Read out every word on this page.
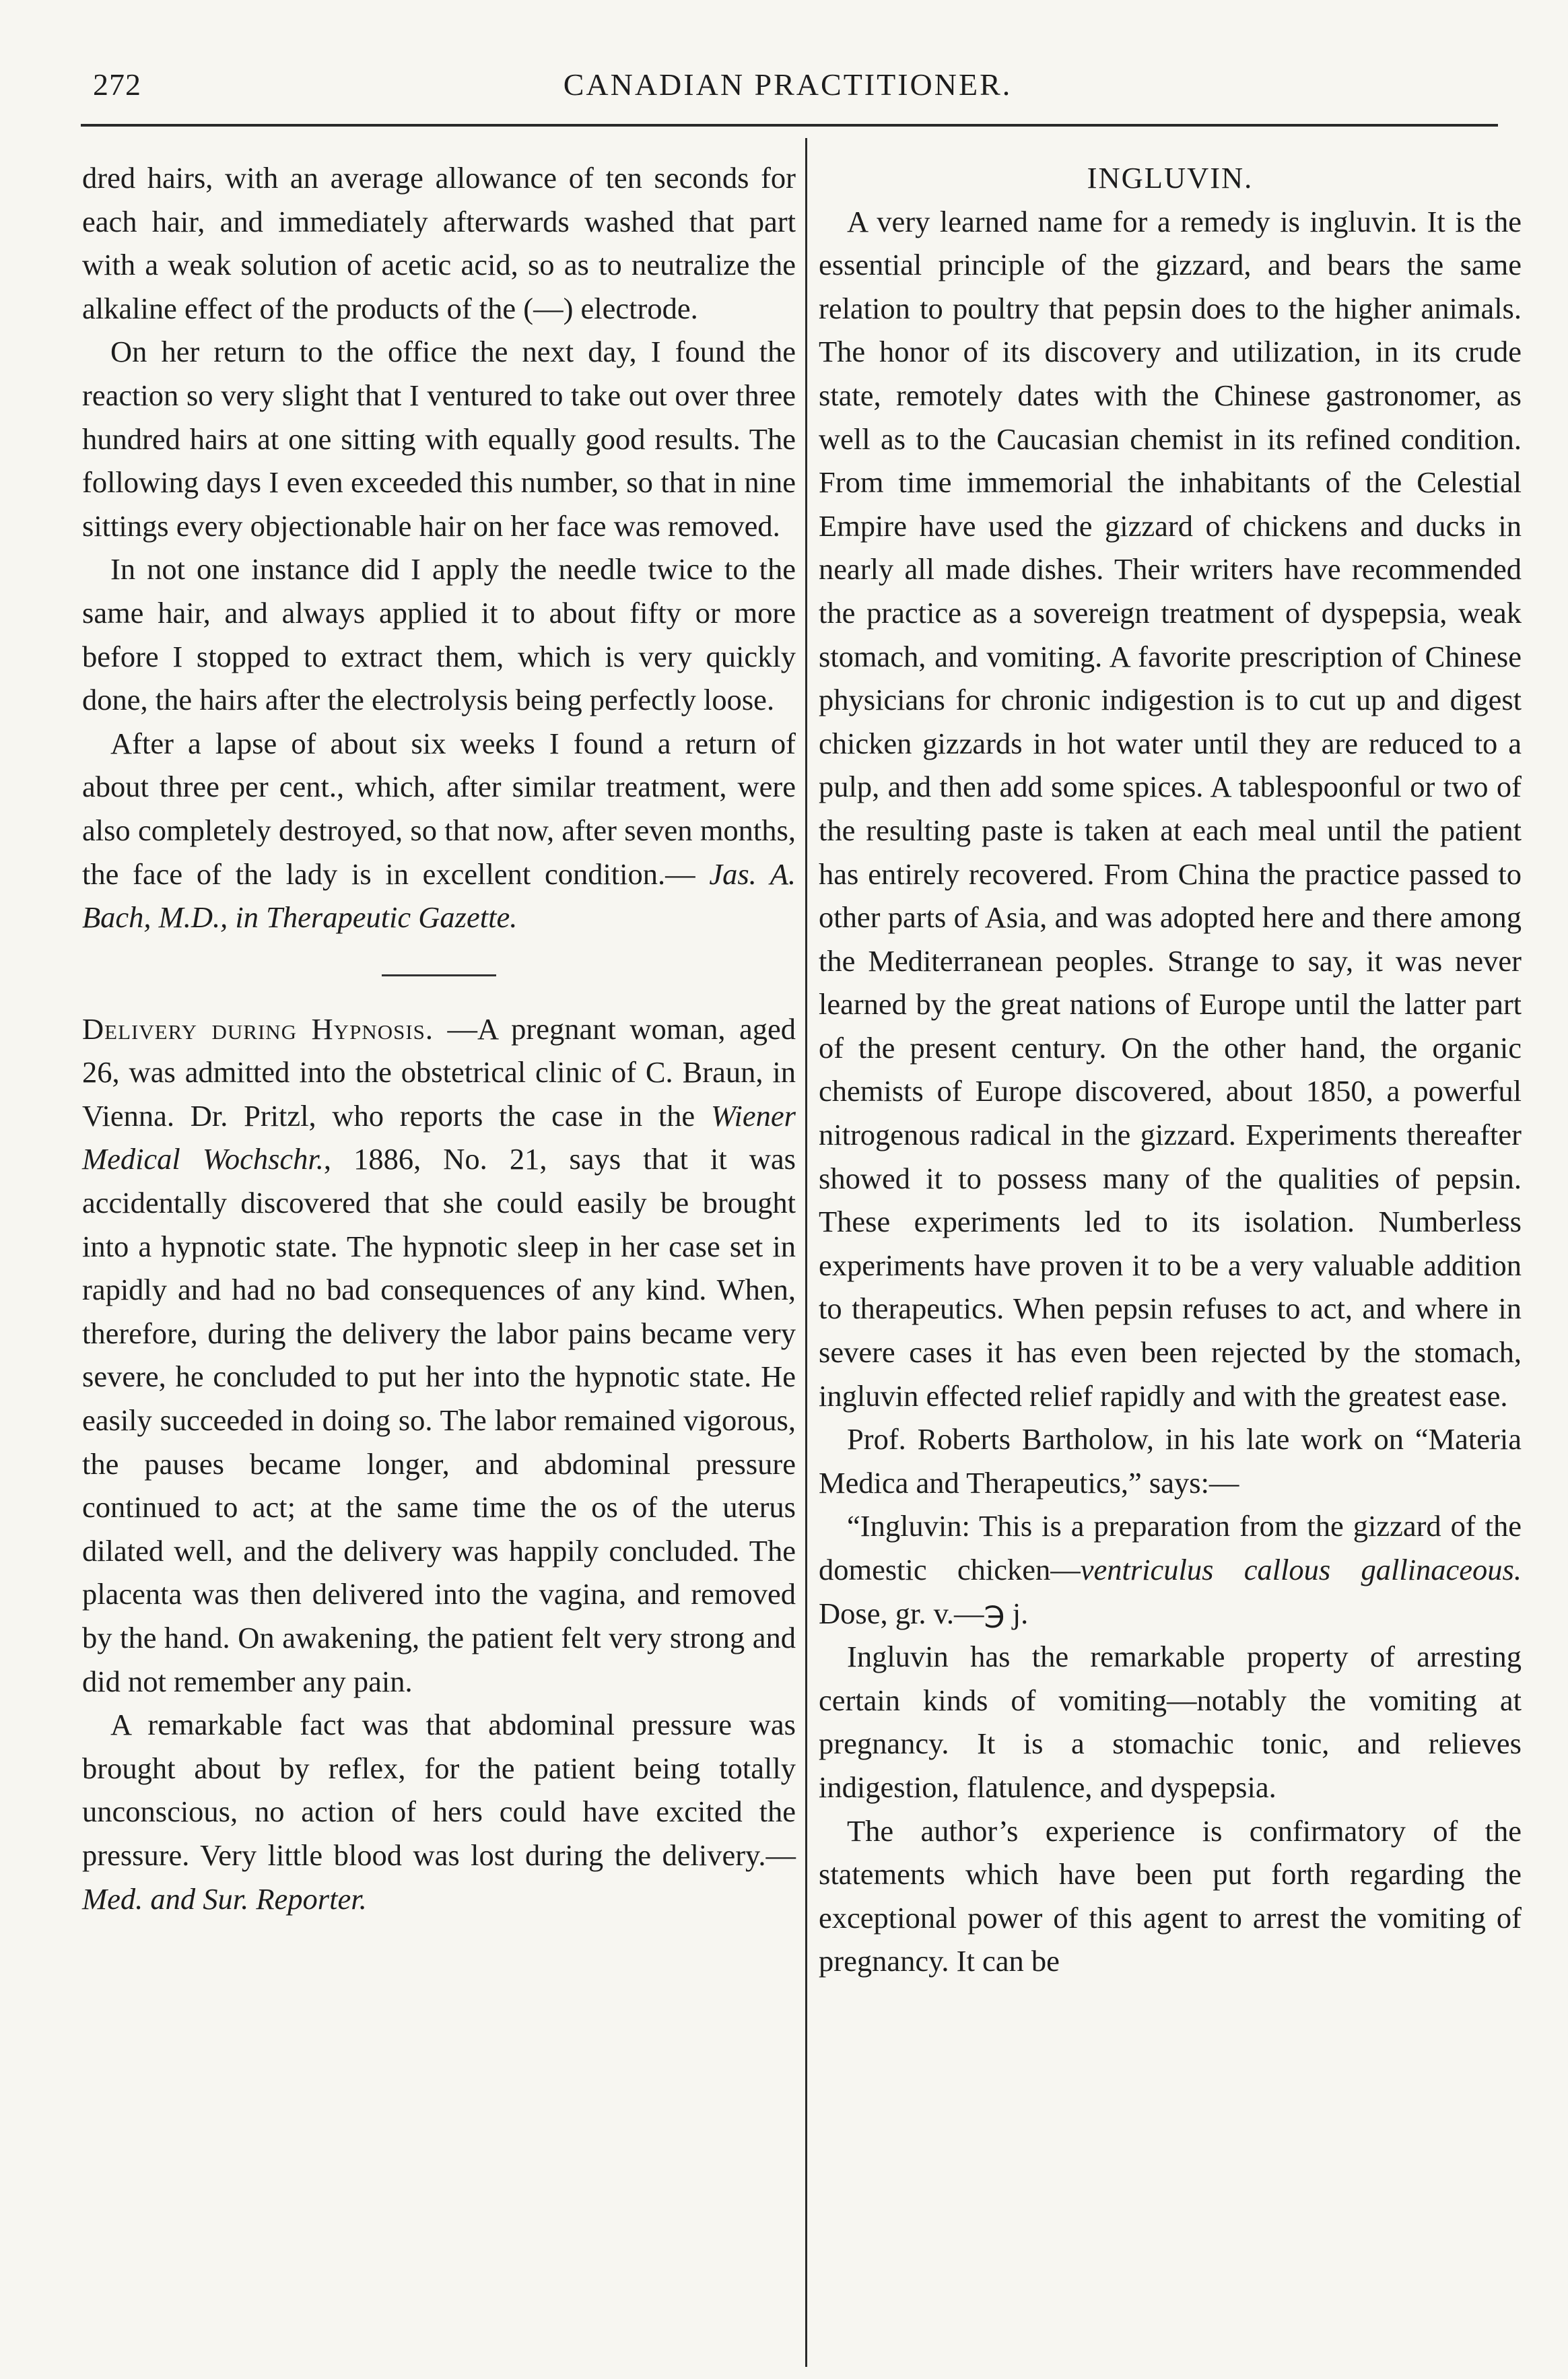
272	CANADIAN PRACTITIONER.

dred hairs, with an average allowance of ten seconds for each hair, and immediately afterwards washed that part with a weak solution of acetic acid, so as to neutralize the alkaline effect of the products of the (—) electrode.

On her return to the office the next day, I found the reaction so very slight that I ventured to take out over three hundred hairs at one sitting with equally good results. The following days I even exceeded this number, so that in nine sittings every objectionable hair on her face was removed.

In not one instance did I apply the needle twice to the same hair, and always applied it to about fifty or more before I stopped to extract them, which is very quickly done, the hairs after the electrolysis being perfectly loose.

After a lapse of about six weeks I found a return of about three per cent., which, after similar treatment, were also completely destroyed, so that now, after seven months, the face of the lady is in excellent condition.— Jas. A. Bach, M.D., in Therapeutic Gazette.

Delivery during Hypnosis. —A pregnant woman, aged 26, was admitted into the obstetrical clinic of C. Braun, in Vienna. Dr. Pritzl, who reports the case in the Wiener Medical Wochschr., 1886, No. 21, says that it was accidentally discovered that she could easily be brought into a hypnotic state. The hypnotic sleep in her case set in rapidly and had no bad consequences of any kind. When, therefore, during the delivery the labor pains became very severe, he concluded to put her into the hypnotic state. He easily succeeded in doing so. The labor remained vigorous, the pauses became longer, and abdominal pressure continued to act; at the same time the os of the uterus dilated well, and the delivery was happily concluded. The placenta was then delivered into the vagina, and removed by the hand. On awakening, the patient felt very strong and did not remember any pain.

A remarkable fact was that abdominal pressure was brought about by reflex, for the patient being totally unconscious, no action of hers could have excited the pressure. Very little blood was lost during the delivery.— Med. and Sur. Reporter.

INGLUVIN.

A very learned name for a remedy is ingluvin. It is the essential principle of the gizzard, and bears the same relation to poultry that pepsin does to the higher animals. The honor of its discovery and utilization, in its crude state, remotely dates with the Chinese gastronomer, as well as to the Caucasian chemist in its refined condition. From time immemorial the inhabitants of the Celestial Empire have used the gizzard of chickens and ducks in nearly all made dishes. Their writers have recommended the practice as a sovereign treatment of dyspepsia, weak stomach, and vomiting. A favorite prescription of Chinese physicians for chronic indigestion is to cut up and digest chicken gizzards in hot water until they are reduced to a pulp, and then add some spices. A tablespoonful or two of the resulting paste is taken at each meal until the patient has entirely recovered. From China the practice passed to other parts of Asia, and was adopted here and there among the Mediterranean peoples. Strange to say, it was never learned by the great nations of Europe until the latter part of the present century. On the other hand, the organic chemists of Europe discovered, about 1850, a powerful nitrogenous radical in the gizzard. Experiments thereafter showed it to possess many of the qualities of pepsin. These experiments led to its isolation. Numberless experiments have proven it to be a very valuable addition to therapeutics. When pepsin refuses to act, and where in severe cases it has even been rejected by the stomach, ingluvin effected relief rapidly and with the greatest ease.

Prof. Roberts Bartholow, in his late work on “Materia Medica and Therapeutics,” says:—

“Ingluvin: This is a preparation from the gizzard of the domestic chicken—ventriculus callous gallinaceous. Dose, gr. v.—℈ j.

Ingluvin has the remarkable property of arresting certain kinds of vomiting—notably the vomiting at pregnancy. It is a stomachic tonic, and relieves indigestion, flatulence, and dyspepsia.

The author’s experience is confirmatory of the statements which have been put forth regarding the exceptional power of this agent to arrest the vomiting of pregnancy. It can be
